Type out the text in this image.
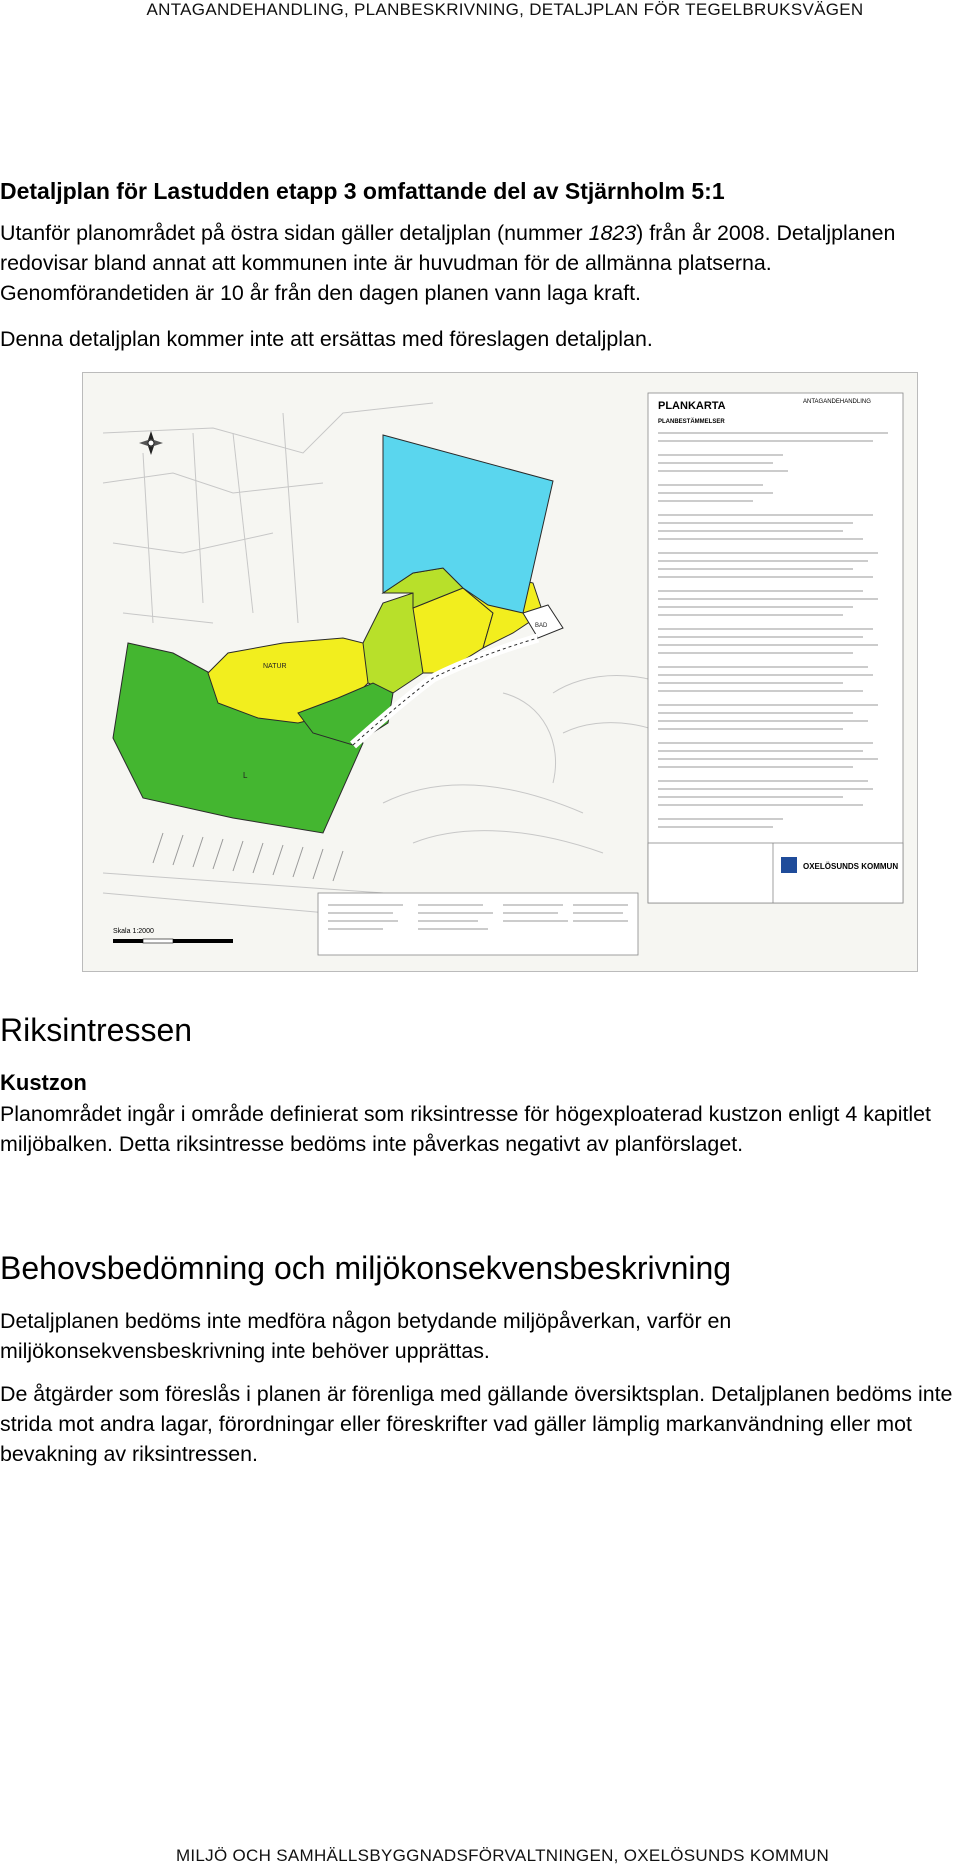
ANTAGANDEHANDLING, PLANBESKRIVNING, DETALJPLAN FÖR TEGELBRUKSVÄGEN
Detaljplan för Lastudden etapp 3 omfattande del av Stjärnholm 5:1
Utanför planområdet på östra sidan gäller detaljplan (nummer 1823) från år 2008. Detaljplanen redovisar bland annat att kommunen inte är huvudman för de allmänna platserna. Genomförandetiden är 10 år från den dagen planen vann laga kraft.
Denna detaljplan kommer inte att ersättas med föreslagen detaljplan.
NATUR
L
BAD
PLANKARTA	ANTAGANDEHANDLING
PLANBESTÄMMELSER
OXELÖSUNDS KOMMUN
Skala 1:2000
Riksintressen
Kustzon
Planområdet ingår i område definierat som riksintresse för högexploaterad kustzon enligt 4 kapitlet miljöbalken. Detta riksintresse bedöms inte påverkas negativt av planförslaget.
Behovsbedömning och miljökonsekvensbeskrivning
Detaljplanen bedöms inte medföra någon betydande miljöpåverkan, varför en miljökonsekvensbeskrivning inte behöver upprättas.
De åtgärder som föreslås i planen är förenliga med gällande översiktsplan. Detaljplanen bedöms inte strida mot andra lagar, förordningar eller föreskrifter vad gäller lämplig markanvändning eller mot bevakning av riksintressen.
MILJÖ OCH SAMHÄLLSBYGGNADSFÖRVALTNINGEN, OXELÖSUNDS KOMMUN
